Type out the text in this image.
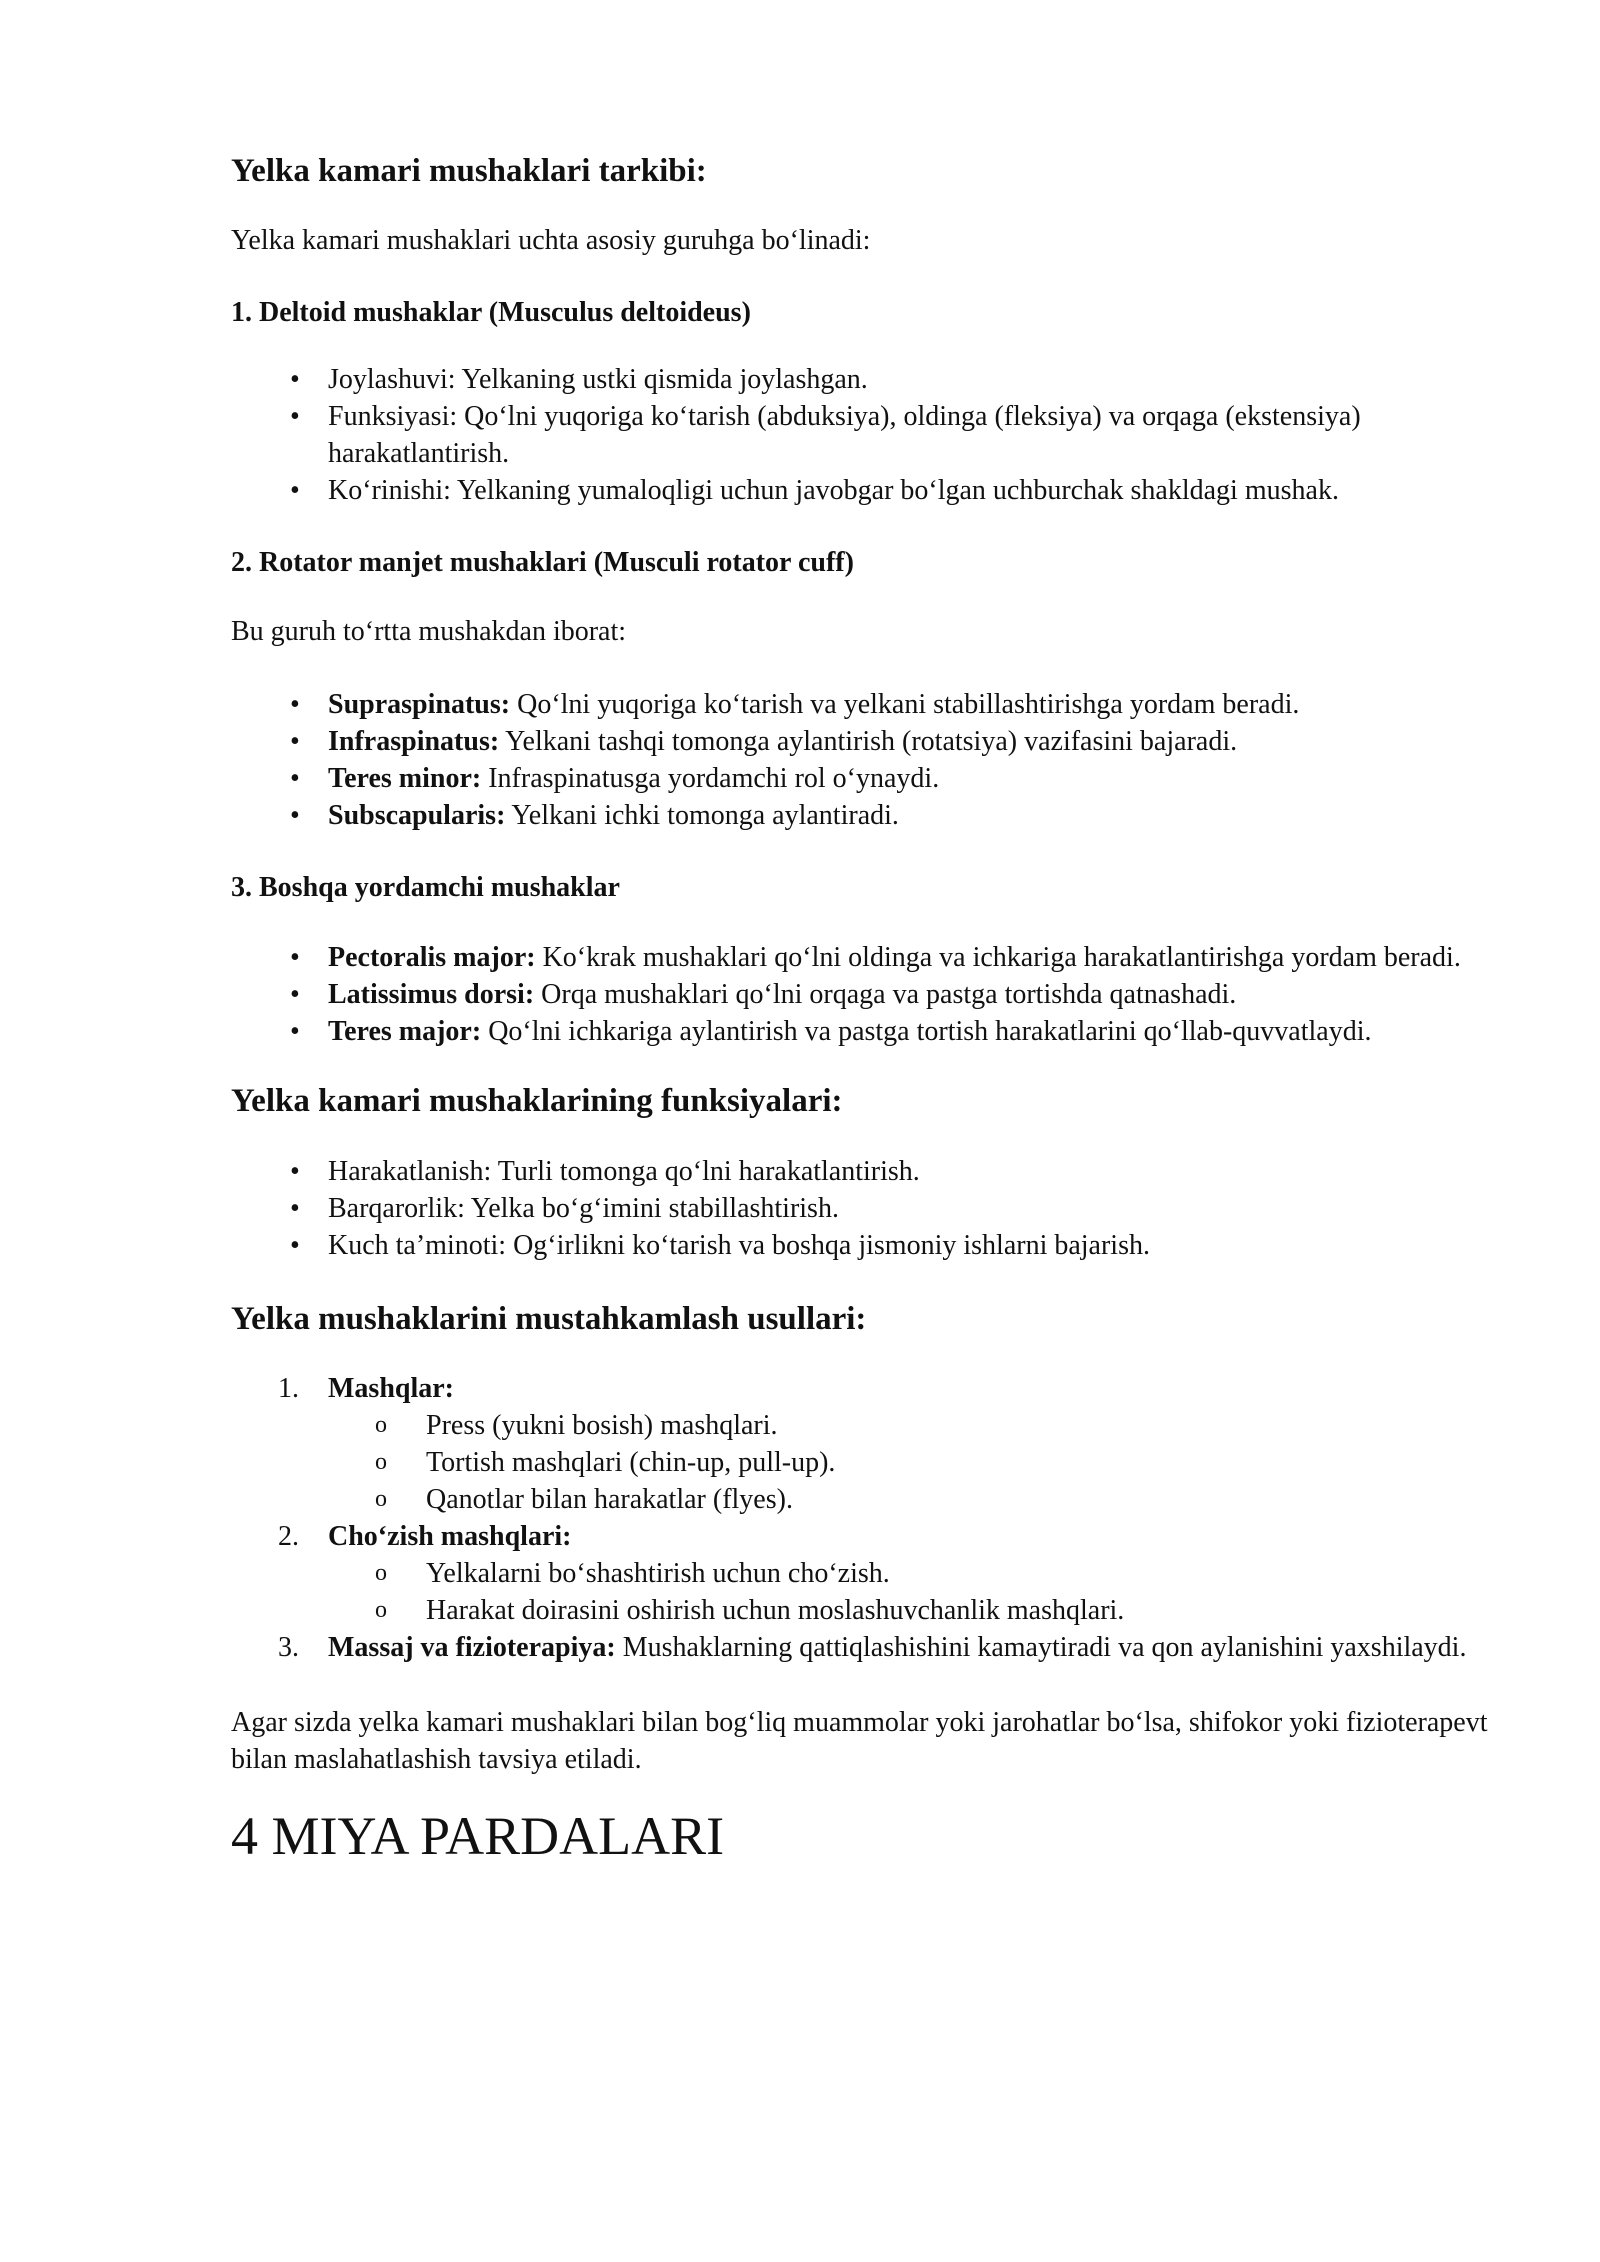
Yelka kamari mushaklari tarkibi:

Yelka kamari mushaklari uchta asosiy guruhga bo‘linadi:

1. Deltoid mushaklar (Musculus deltoideus)
• Joylashuvi: Yelkaning ustki qismida joylashgan.
• Funksiyasi: Qo‘lni yuqoriga ko‘tarish (abduksiya), oldinga (fleksiya) va orqaga (ekstensiya) harakatlantirish.
• Ko‘rinishi: Yelkaning yumaloqligi uchun javobgar bo‘lgan uchburchak shakldagi mushak.
2. Rotator manjet mushaklari (Musculi rotator cuff)

Bu guruh to‘rtta mushakdan iborat:

• Supraspinatus: Qo‘lni yuqoriga ko‘tarish va yelkani stabillashtirishga yordam beradi.
• Infraspinatus: Yelkani tashqi tomonga aylantirish (rotatsiya) vazifasini bajaradi.
• Teres minor: Infraspinatusga yordamchi rol o‘ynaydi.
• Subscapularis: Yelkani ichki tomonga aylantiradi.
3. Boshqa yordamchi mushaklar
• Pectoralis major: Ko‘krak mushaklari qo‘lni oldinga va ichkariga harakatlantirishga yordam beradi.
• Latissimus dorsi: Orqa mushaklari qo‘lni orqaga va pastga tortishda qatnashadi.
• Teres major: Qo‘lni ichkariga aylantirish va pastga tortish harakatlarini qo‘llab-quvvatlaydi.
Yelka kamari mushaklarining funksiyalari:
• Harakatlanish: Turli tomonga qo‘lni harakatlantirish.
• Barqarorlik: Yelka bo‘g‘imini stabillashtirish.
• Kuch ta’minoti: Og‘irlikni ko‘tarish va boshqa jismoniy ishlarni bajarish.
Yelka mushaklarini mustahkamlash usullari:
1. Mashqlar:
o Press (yukni bosish) mashqlari.
o Tortish mashqlari (chin-up, pull-up).
o Qanotlar bilan harakatlar (flyes).
2. Cho‘zish mashqlari:
o Yelkalarni bo‘shashtirish uchun cho‘zish.
o Harakat doirasini oshirish uchun moslashuvchanlik mashqlari.
3. Massaj va fizioterapiya: Mushaklarning qattiqlashishini kamaytiradi va qon aylanishini yaxshilaydi.

Agar sizda yelka kamari mushaklari bilan bog‘liq muammolar yoki jarohatlar bo‘lsa, shifokor yoki fizioterapevt bilan maslahatlashish tavsiya etiladi.

4 MIYA PARDALARI
